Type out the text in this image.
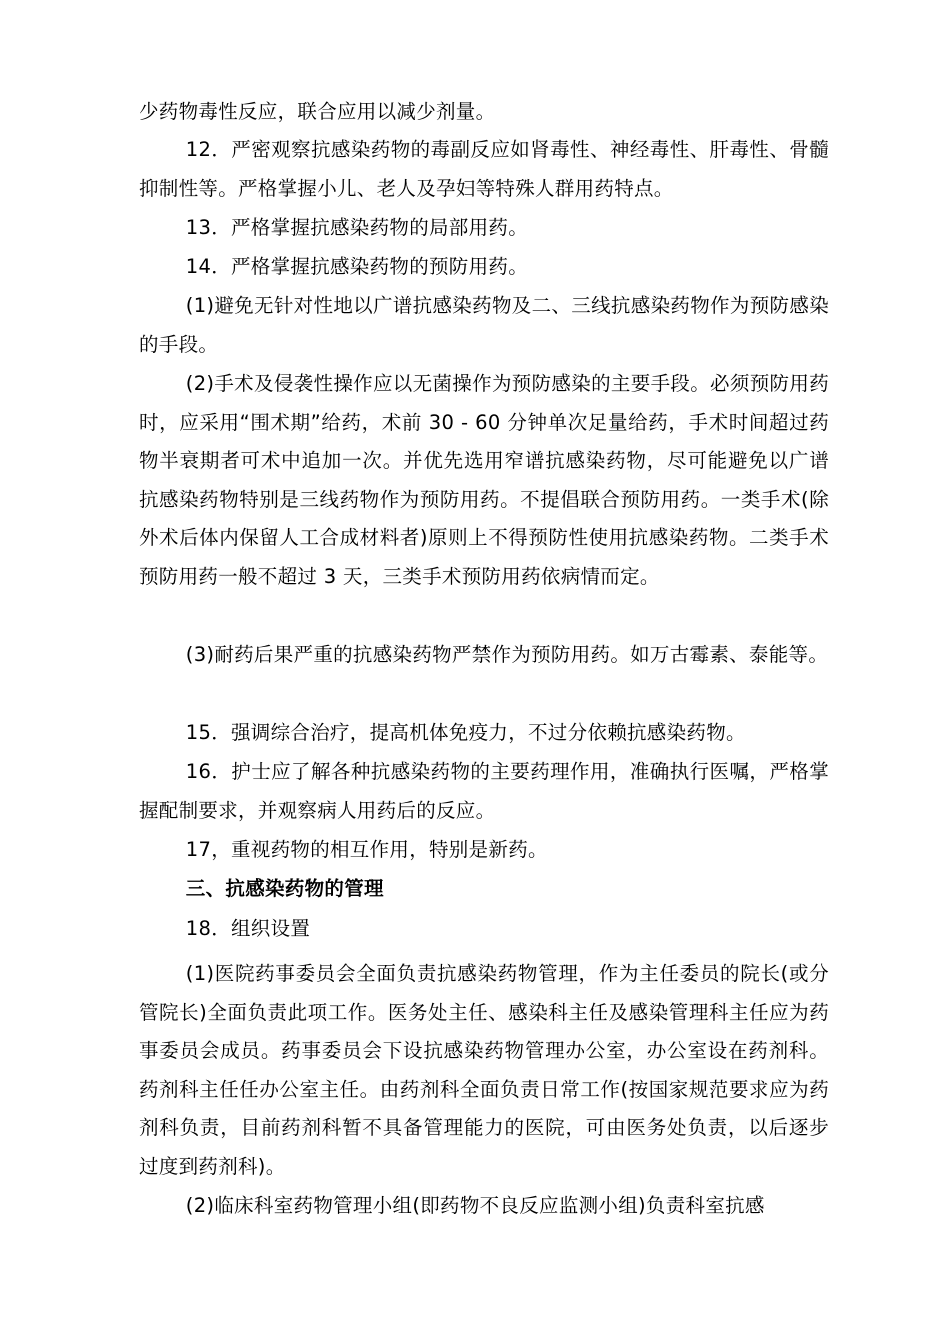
少药物毒性反应，联合应用以减少剂量。

12．严密观察抗感染药物的毒副反应如肾毒性、神经毒性、肝毒性、骨髓抑制性等。严格掌握小儿、老人及孕妇等特殊人群用药特点。

13．严格掌握抗感染药物的局部用药。

14．严格掌握抗感染药物的预防用药。

(1)避免无针对性地以广谱抗感染药物及二、三线抗感染药物作为预防感染的手段。

(2)手术及侵袭性操作应以无菌操作为预防感染的主要手段。必须预防用药时，应采用“围术期”给药，术前 30 - 60 分钟单次足量给药，手术时间超过药物半衰期者可术中追加一次。并优先选用窄谱抗感染药物，尽可能避免以广谱抗感染药物特别是三线药物作为预防用药。不提倡联合预防用药。一类手术(除外术后体内保留人工合成材料者)原则上不得预防性使用抗感染药物。二类手术预防用药一般不超过 3 天，三类手术预防用药依病情而定。

(3)耐药后果严重的抗感染药物严禁作为预防用药。如万古霉素、泰能等。

15．强调综合治疗，提高机体免疫力，不过分依赖抗感染药物。

16．护士应了解各种抗感染药物的主要药理作用，准确执行医嘱，严格掌握配制要求，并观察病人用药后的反应。

17，重视药物的相互作用，特别是新药。

三、抗感染药物的管理

18．组织设置

(1)医院药事委员会全面负责抗感染药物管理，作为主任委员的院长(或分管院长)全面负责此项工作。医务处主任、感染科主任及感染管理科主任应为药事委员会成员。药事委员会下设抗感染药物管理办公室，办公室设在药剂科。药剂科主任任办公室主任。由药剂科全面负责日常工作(按国家规范要求应为药剂科负责，目前药剂科暂不具备管理能力的医院，可由医务处负责，以后逐步过度到药剂科)。

(2)临床科室药物管理小组(即药物不良反应监测小组)负责科室抗感
